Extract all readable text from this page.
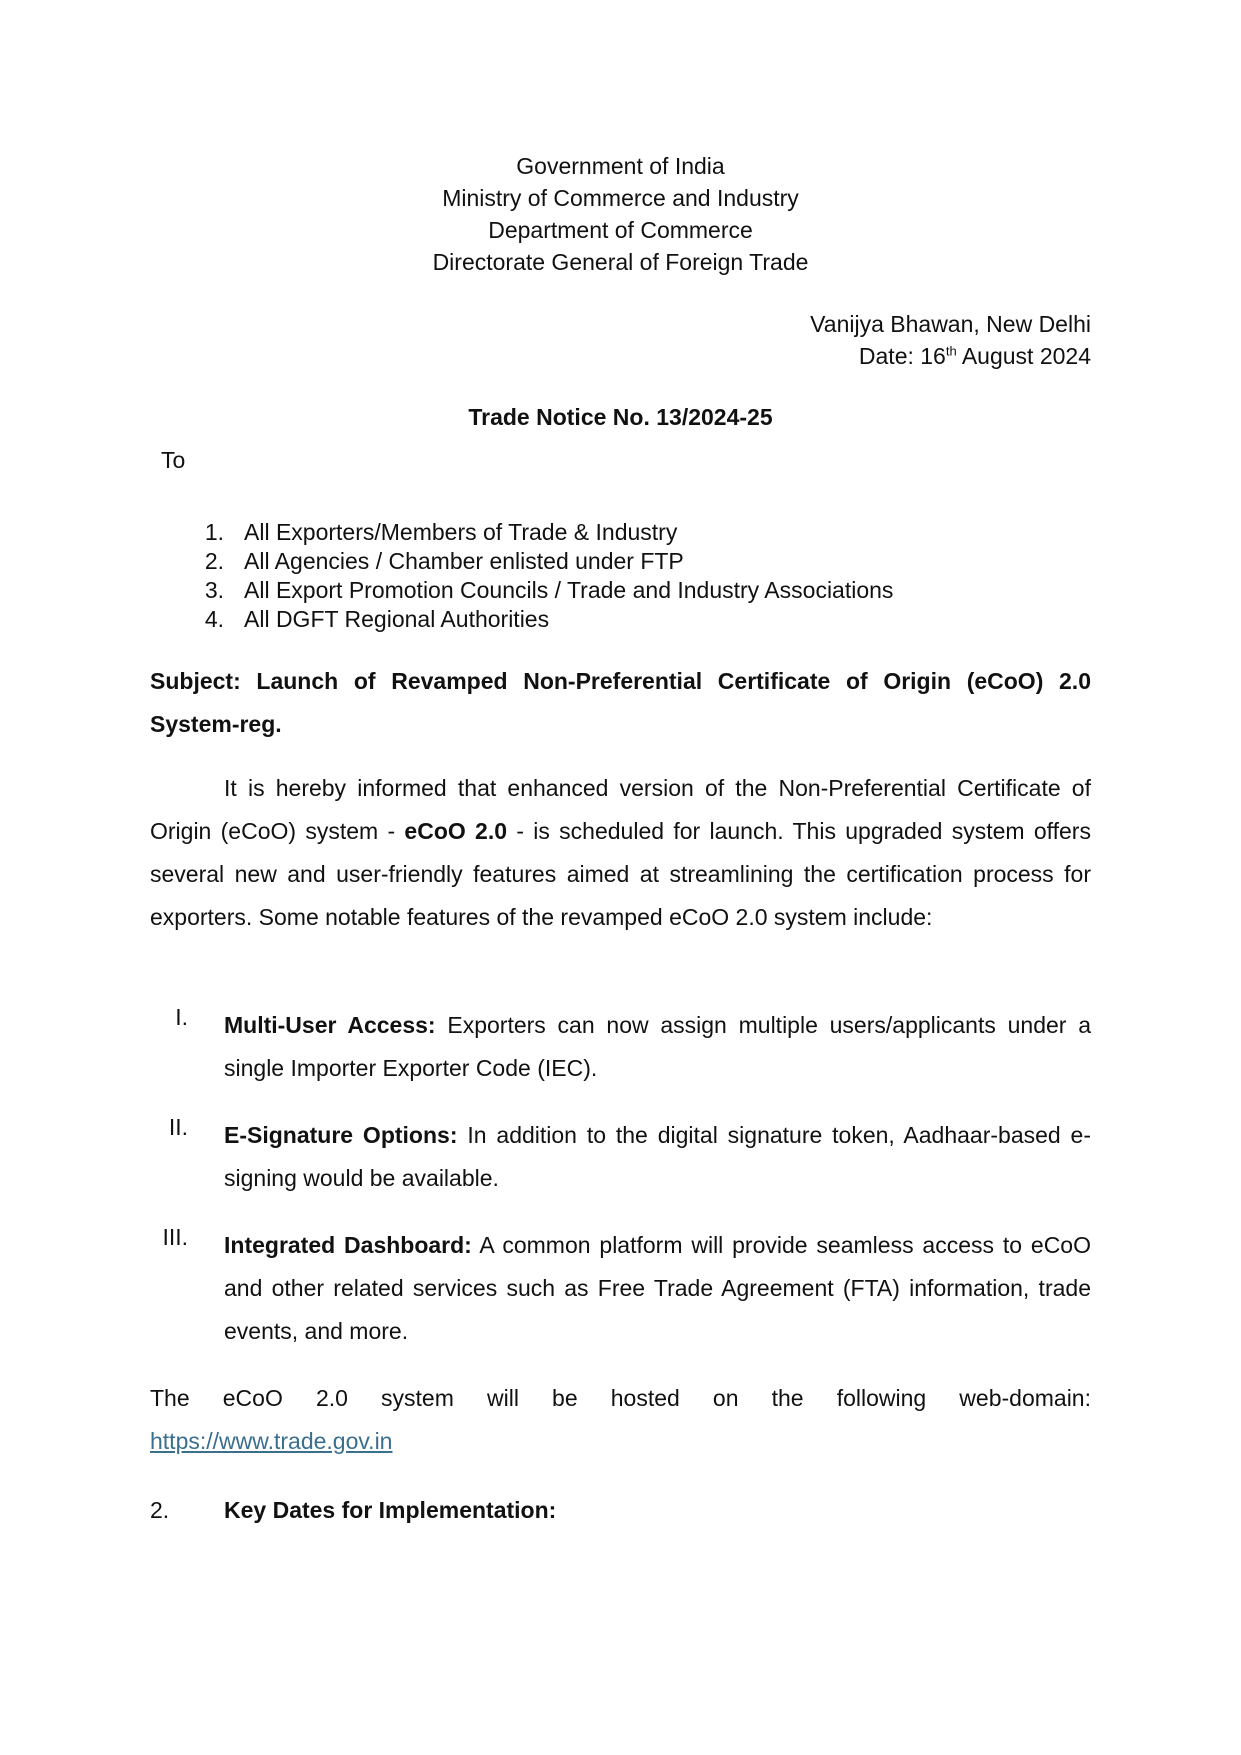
Government of India
Ministry of Commerce and Industry
Department of Commerce
Directorate General of Foreign Trade
Vanijya Bhawan, New Delhi
Date: 16th August 2024
Trade Notice No. 13/2024-25
To
1. All Exporters/Members of Trade & Industry
2. All Agencies / Chamber enlisted under FTP
3. All Export Promotion Councils / Trade and Industry Associations
4. All DGFT Regional Authorities
Subject: Launch of Revamped Non-Preferential Certificate of Origin (eCoO) 2.0 System-reg.
It is hereby informed that enhanced version of the Non-Preferential Certificate of Origin (eCoO) system - eCoO 2.0 - is scheduled for launch. This upgraded system offers several new and user-friendly features aimed at streamlining the certification process for exporters. Some notable features of the revamped eCoO 2.0 system include:
I. Multi-User Access: Exporters can now assign multiple users/applicants under a single Importer Exporter Code (IEC).
II. E-Signature Options: In addition to the digital signature token, Aadhaar-based e-signing would be available.
III. Integrated Dashboard: A common platform will provide seamless access to eCoO and other related services such as Free Trade Agreement (FTA) information, trade events, and more.
The eCoO 2.0 system will be hosted on the following web-domain:
https://www.trade.gov.in
2. Key Dates for Implementation:
